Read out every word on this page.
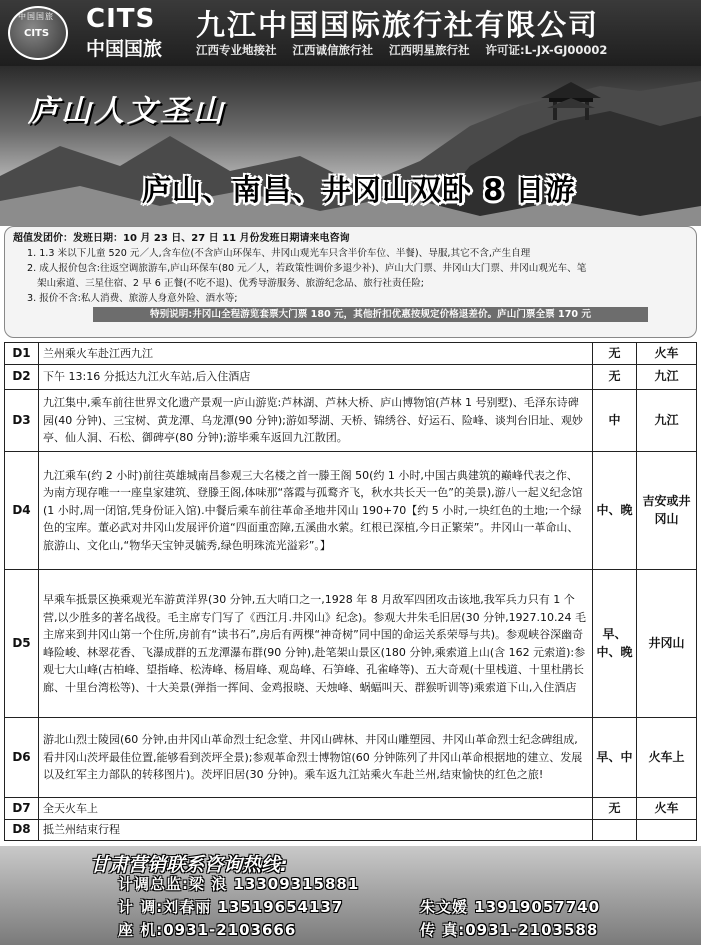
中国国旅
CITS CITS
中国国旅
九江中国国际旅行社有限公司
江西专业地接社 江西诚信旅行社 江西明星旅行社 许可证:L-JX-GJ00002
庐山人文圣山
庐山、南昌、井冈山双卧 8 日游
超值发团价：发班日期：10 月 23 日、27 日 11 月份发班日期请来电咨询
1. 1.3 米以下儿童 520 元／人,含车位(不含庐山环保车、井冈山观光车只含半价车位、半餐)、导服,其它不含,产生自理
2. 成人报价包含:往返空调旅游车,庐山环保车(80 元／人，若政策性调价多退少补)、庐山大门票、井冈山大门票、井冈山观光车、笔
架山索道、三星住宿、2 早 6 正餐(不吃不退)、优秀导游服务、旅游纪念品、旅行社责任险;
3. 报价不含:私人消费、旅游人身意外险、酒水等;
特别说明:井冈山全程游览套票大门票 180 元，其他折扣优惠按规定价格退差价。庐山门票全票 170 元
D1	兰州乘火车赴江西九江	无	火车
D2	下午 13:16 分抵达九江火车站,后入住酒店	无	九江
D3	九江集中,乘车前往世界文化遗产景观一庐山游览:芦林湖、芦林大桥、庐山博物馆(芦林 1 号别墅)、毛泽东诗碑园(40 分钟)、三宝树、黄龙潭、乌龙潭(90 分钟);游如琴湖、天桥、锦绣谷、好运石、险峰、谈判台旧址、观妙亭、仙人洞、石松、御碑亭(80 分钟);游毕乘车返回九江散团。	中	九江
D4	九江乘车(约 2 小时)前往英雄城南昌参观三大名楼之首一滕王阁 50(约 1 小时,中国古典建筑的巅峰代表之作、为南方现存唯一一座皇家建筑、登滕王阁,体味那“落霞与孤鹜齐飞，秋水共长天一色”的美景),游八一起义纪念馆(1 小时,周一闭馆,凭身份证入馆).中餐后乘车前往革命圣地井冈山 190+70【约 5 小时,一块红色的土地;一个绿色的宝库。董必武对井冈山发展评价道“四面重峦障,五溪曲水萦。红根已深植,今日正繁荣”。井冈山一革命山、旅游山、文化山,“物华天宝钟灵毓秀,绿色明珠流光溢彩”。】	中、晚	吉安或井冈山
D5	早乘车抵景区换乘观光车游黄洋界(30 分钟,五大哨口之一,1928 年 8 月敌军四团攻击该地,我军兵力只有 1 个营,以少胜多的著名战役。毛主席专门写了《西江月.井冈山》纪念)。参观大井朱毛旧居(30 分钟,1927.10.24 毛主席来到井冈山第一个住所,房前有“读书石”,房后有两棵“神奇树”同中国的命运关系荣辱与共)。参观峡谷深幽奇峰险峻、林翠花香、飞瀑成群的五龙潭瀑布群(90 分钟),赴笔架山景区(180 分钟,乘索道上山(含 162 元索道):参观七大山峰(古柏峰、望指峰、松涛峰、杨眉峰、观岛峰、石笋峰、孔雀峰等)、五大奇观(十里桟道、十里杜鹃长廊、十里台湾松等)、十大美景(弹指一挥间、金鸡报晓、天烛峰、蜗蝠叫天、群猴听训等)乘索道下山,入住酒店	早、中、晚	井冈山
D6	游北山烈士陵园(60 分钟,由井冈山革命烈士纪念堂、井冈山碑林、井冈山雕塑园、井冈山革命烈士纪念碑组成,看井冈山茨坪最佳位置,能够看到茨坪全景);参观革命烈士博物馆(60 分钟陈列了井冈山革命根据地的建立、发展以及红军主力部队的转移图片)。茨坪旧居(30 分钟)。乘车返九江站乘火车赴兰州,结束愉快的红色之旅!	早、中	火车上
D7	全天火车上	无	火车
D8	抵兰州结束行程		
甘肃营销联系咨询热线:
计调总监:梁 浪 13309315881
计 调:刘春丽 13519654137	朱文媛 13919057740
座 机:0931-2103666	传 真:0931-2103588
